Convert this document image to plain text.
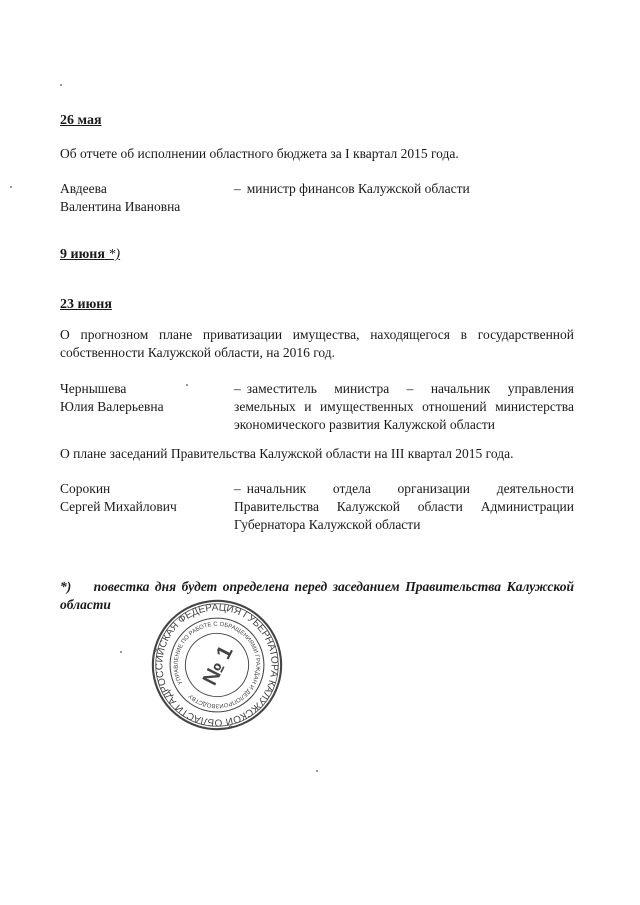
26 мая
Об отчете об исполнении областного бюджета за I квартал 2015 года.
Авдеева
Валентина Ивановна
– министр финансов Калужской области
9 июня *)
23 июня
О прогнозном плане приватизации имущества, находящегося в государственной собственности Калужской области, на 2016 год.
Чернышева
Юлия Валерьевна
– заместитель министра – начальник управления земельных и имущественных отношений министерства экономического развития Калужской области
О плане заседаний Правительства Калужской области на III квартал 2015 года.
Сорокин
Сергей Михайлович
– начальник отдела организации деятельности Правительства Калужской области Администрации Губернатора Калужской области
*)    повестка дня будет определена перед заседанием Правительства Калужской области
РОССИЙСКАЯ ФЕДЕРАЦИЯ ГУБЕРНАТОРА КАЛУЖСКОЙ ОБЛАСТИ АДМИНИСТРАЦИЯ
УПРАВЛЕНИЕ ПО РАБОТЕ С ОБРАЩЕНИЯМИ ГРАЖДАН И ДЕЛОПРОИЗВОДСТВУ
№ 1
